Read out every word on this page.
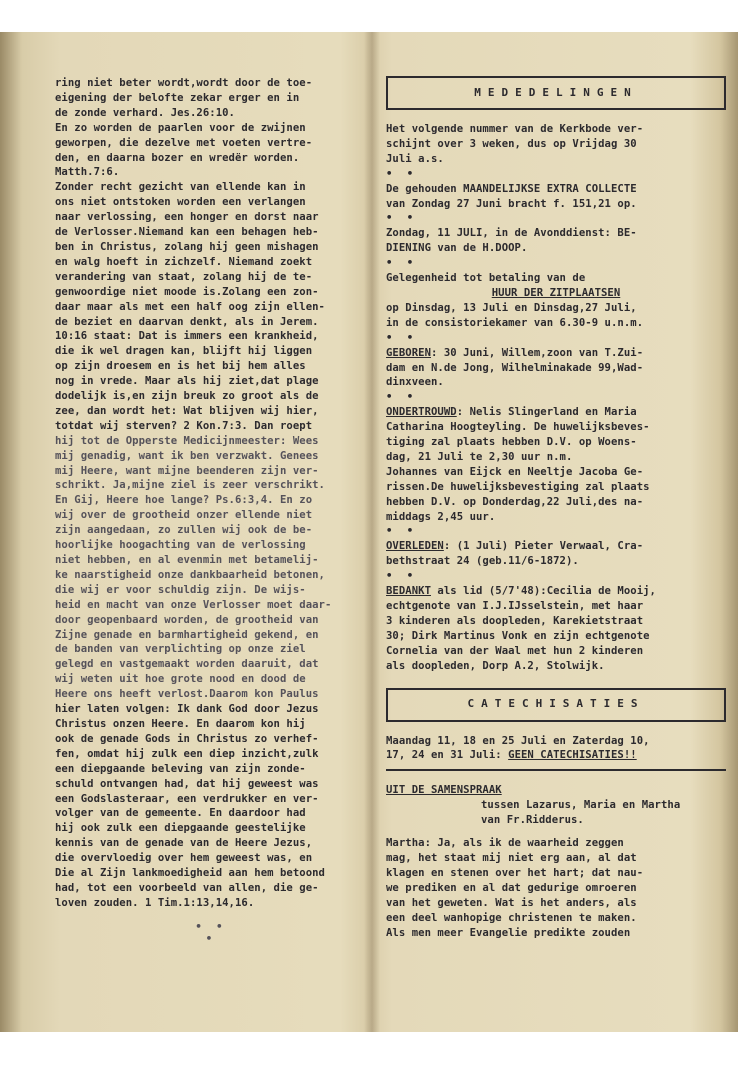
ring niet beter wordt,wordt door de toe-
eigening der belofte zekar erger en in
de zonde verhard. Jes.26:10.
En zo worden de paarlen voor de zwijnen
geworpen, die dezelve met voeten vertre-
den, en daarna bozer en wredër worden.
Matth.7:6.
Zonder recht gezicht van ellende kan in
ons niet ontstoken worden een verlangen
naar verlossing, een honger en dorst naar
de Verlosser.Niemand kan een behagen heb-
ben in Christus, zolang hij geen mishagen
en walg hoeft in zichzelf. Niemand zoekt
verandering van staat, zolang hij de te-
genwoordige niet moode is.Zolang een zon-
daar maar als met een half oog zijn ellen-
de beziet en daarvan denkt, als in Jerem.
10:16 staat: Dat is immers een krankheid,
die ik wel dragen kan, blijft hij liggen
op zijn droesem en is het bij hem alles
nog in vrede. Maar als hij ziet,dat plage
dodelijk is,en zijn breuk zo groot als de
zee, dan wordt het: Wat blijven wij hier,
totdat wij sterven? 2 Kon.7:3. Dan roept
hij tot de Opperste Medicijnmeester: Wees
mij genadig, want ik ben verzwakt. Genees
mij Heere, want mijne beenderen zijn ver-
schrikt. Ja,mijne ziel is zeer verschrikt.
En Gij, Heere hoe lange? Ps.6:3,4. En zo
wij over de grootheid onzer ellende niet
zijn aangedaan, zo zullen wij ook de be-
hoorlijke hoogachting van de verlossing
niet hebben, en al evenmin met betamelij-
ke naarstigheid onze dankbaarheid betonen,
die wij er voor schuldig zijn. De wijs-
heid en macht van onze Verlosser moet daar-
door geopenbaard worden, de grootheid van
Zijne genade en barmhartigheid gekend, en
de banden van verplichting op onze ziel
gelegd en vastgemaakt worden daaruit, dat
wij weten uit hoe grote nood en dood de
Heere ons heeft verlost.Daarom kon Paulus
hier laten volgen: Ik dank God door Jezus
Christus onzen Heere. En daarom kon hij
ook de genade Gods in Christus zo verhef-
fen, omdat hij zulk een diep inzicht,zulk
een diepgaande beleving van zijn zonde-
schuld ontvangen had, dat hij geweest was
een Godslasteraar, een verdrukker en ver-
volger van de gemeente. En daardoor had
hij ook zulk een diepgaande geestelijke
kennis van de genade van de Heere Jezus,
die overvloedig over hem geweest was, en
Die al Zijn lankmoedigheid aan hem betoond
had, tot een voorbeeld van allen, die ge-
loven zouden. 1 Tim.1:13,14,16.
• •
•
MEDEDELINGEN
Het volgende nummer van de Kerkbode ver-
schijnt over 3 weken, dus op Vrijdag 30
Juli a.s.

• •

De gehouden MAANDELIJKSE EXTRA COLLECTE
van Zondag 27 Juni bracht f. 151,21 op.

• •

Zondag, 11 JULI, in de Avonddienst: BE-
DIENING van de H.DOOP.

• •

Gelegenheid tot betaling van de
HUUR DER ZITPLAATSEN
op Dinsdag, 13 Juli en Dinsdag,27 Juli,
in de consistoriekamer van 6.30-9 u.n.m.

• •

GEBOREN: 30 Juni, Willem,zoon van T.Zui-
dam en N.de Jong, Wilhelminakade 99,Wad-
dinxveen.

• •

ONDERTROUWD: Nelis Slingerland en Maria
Catharina Hoogteyling. De huwelijksbeves-
tiging zal plaats hebben D.V. op Woens-
dag, 21 Juli te 2,30 uur n.m.
Johannes van Eijck en Neeltje Jacoba Ge-
rissen.De huwelijksbevestiging zal plaats
hebben D.V. op Donderdag,22 Juli,des na-
middags 2,45 uur.

• •

OVERLEDEN: (1 Juli) Pieter Verwaal, Cra-
bethstraat 24 (geb.11/6-1872).

• •

BEDANKT als lid (5/7'48):Cecilia de Mooij,
echtgenote van I.J.IJsselstein, met haar
3 kinderen als doopleden, Karekietstraat
30; Dirk Martinus Vonk en zijn echtgenote
Cornelia van der Waal met hun 2 kinderen
als doopleden, Dorp A.2, Stolwijk.
CATECHISATIES
Maandag 11, 18 en 25 Juli en Zaterdag 10,
17, 24 en 31 Juli: GEEN CATECHISATIES!!
UIT DE SAMENSPRAAK
tussen Lazarus, Maria en Martha
van Fr.Ridderus.
Martha: Ja, als ik de waarheid zeggen
mag, het staat mij niet erg aan, al dat
klagen en stenen over het hart; dat nau-
we prediken en al dat gedurige omroeren
van het geweten. Wat is het anders, als
een deel wanhopige christenen te maken.
Als men meer Evangelie predikte zouden
